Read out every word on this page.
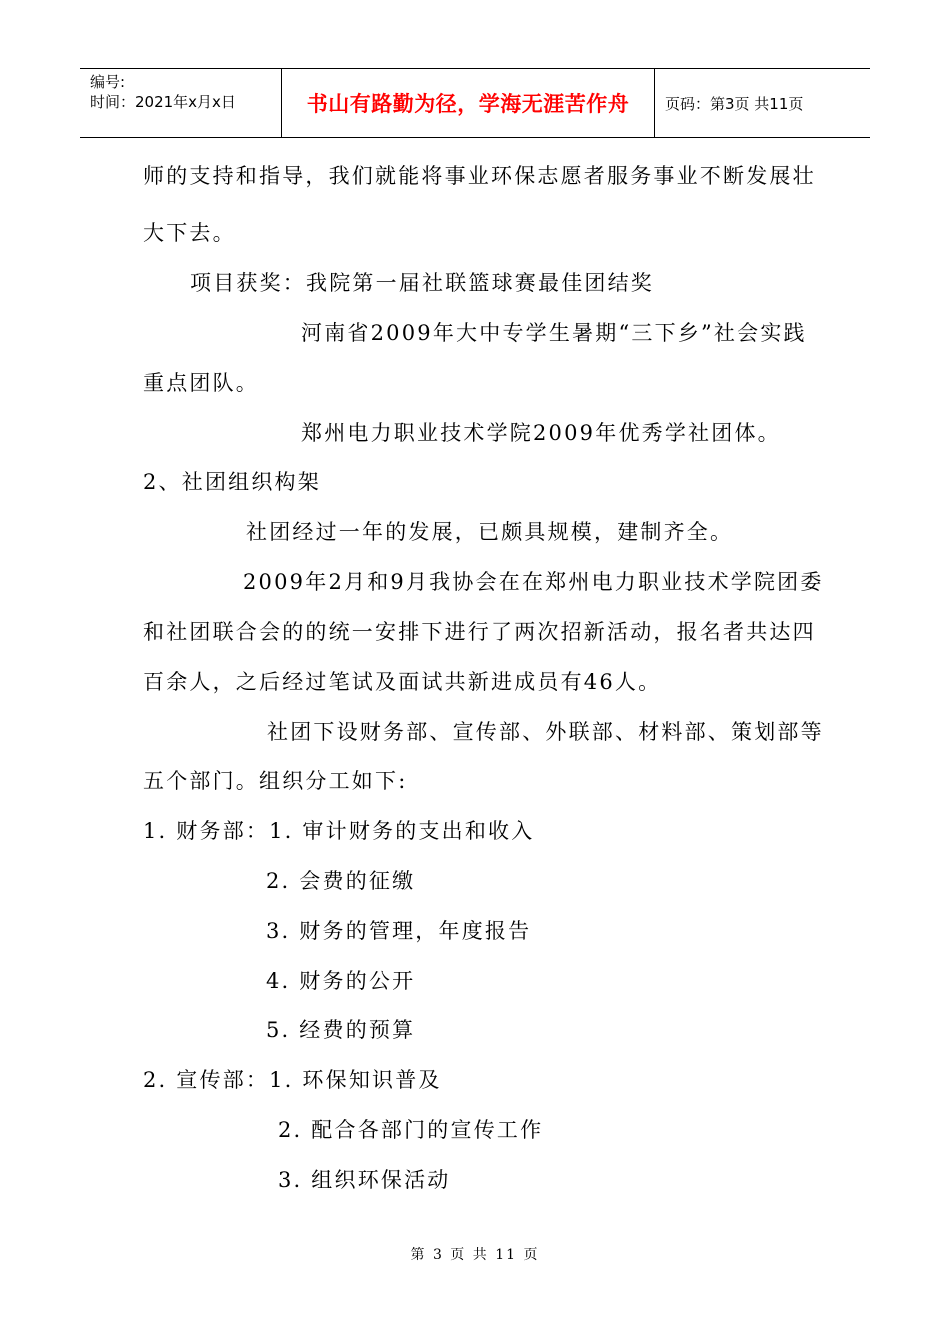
编号:
时间：2021年x月x日	书山有路勤为径，学海无涯苦作舟	页码：第3页 共11页
师的支持和指导，我们就能将事业环保志愿者服务事业不断发展壮
大下去。
项目获奖：我院第一届社联篮球赛最佳团结奖
河南省2009年大中专学生暑期“三下乡”社会实践
重点团队。
郑州电力职业技术学院2009年优秀学社团体。
2、社团组织构架
社团经过一年的发展，已颇具规模，建制齐全。
2009年2月和9月我协会在在郑州电力职业技术学院团委
和社团联合会的的统一安排下进行了两次招新活动，报名者共达四
百余人，之后经过笔试及面试共新进成员有46人。
社团下设财务部、宣传部、外联部、材料部、策划部等
五个部门。组织分工如下:
1. 财务部：1. 审计财务的支出和收入
2. 会费的征缴
3. 财务的管理，年度报告
4. 财务的公开
5. 经费的预算
2. 宣传部：1. 环保知识普及
2. 配合各部门的宣传工作
3. 组织环保活动
第 3 页 共 11 页
